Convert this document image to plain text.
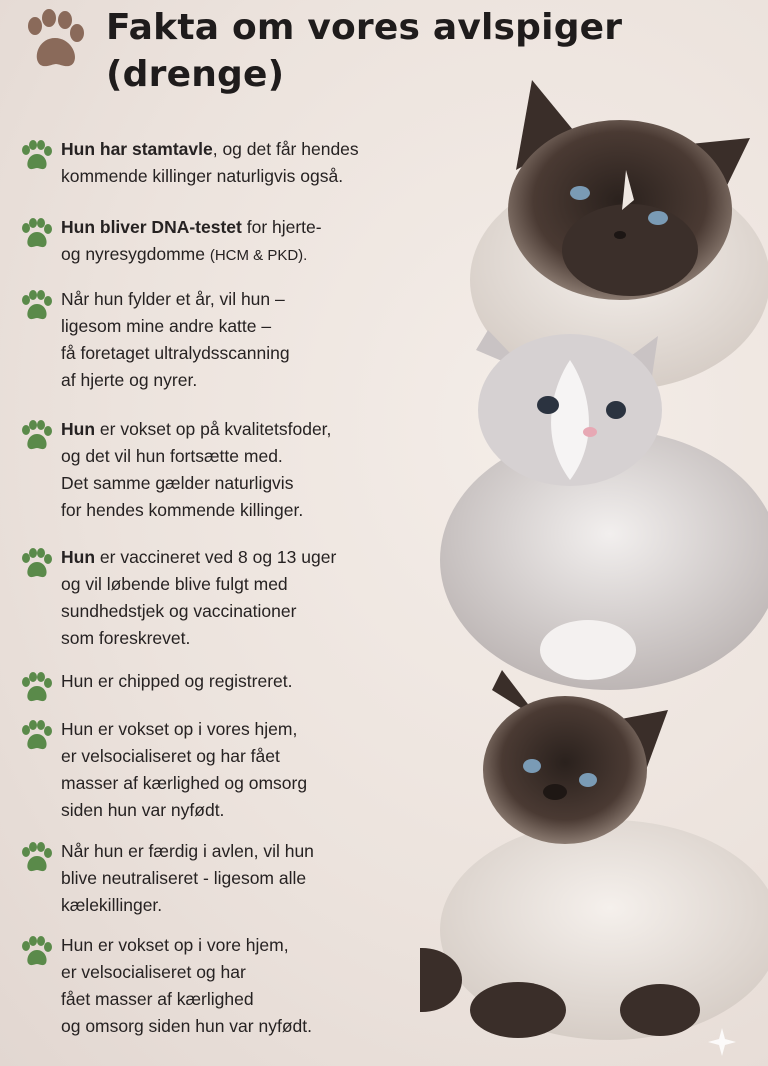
Fakta om vores avlspiger
(drenge)
Hun har stamtavle, og det får hendes
kommende killinger naturligvis også.
Hun bliver DNA-testet for hjerte-
og nyresygdomme (HCM & PKD).
Når hun fylder et år, vil hun –
ligesom mine andre katte –
få foretaget ultralydsscanning
af hjerte og nyrer.
Hun er vokset op på kvalitetsfoder,
og det vil hun fortsætte med.
Det samme gælder naturligvis
for hendes kommende killinger.
Hun er vaccineret ved 8 og 13 uger
og vil løbende blive fulgt med
sundhedstjek og vaccinationer
som foreskrevet.
Hun er chipped og registreret.
Hun er vokset op i vores hjem,
er velsocialiseret og har fået
masser af kærlighed og omsorg
siden hun var nyfødt.
Når hun er færdig i avlen, vil hun
blive neutraliseret - ligesom alle
kælekillinger.
Hun er vokset op i vore hjem,
er velsocialiseret og har
fået masser af kærlighed
og omsorg siden hun var nyfødt.
